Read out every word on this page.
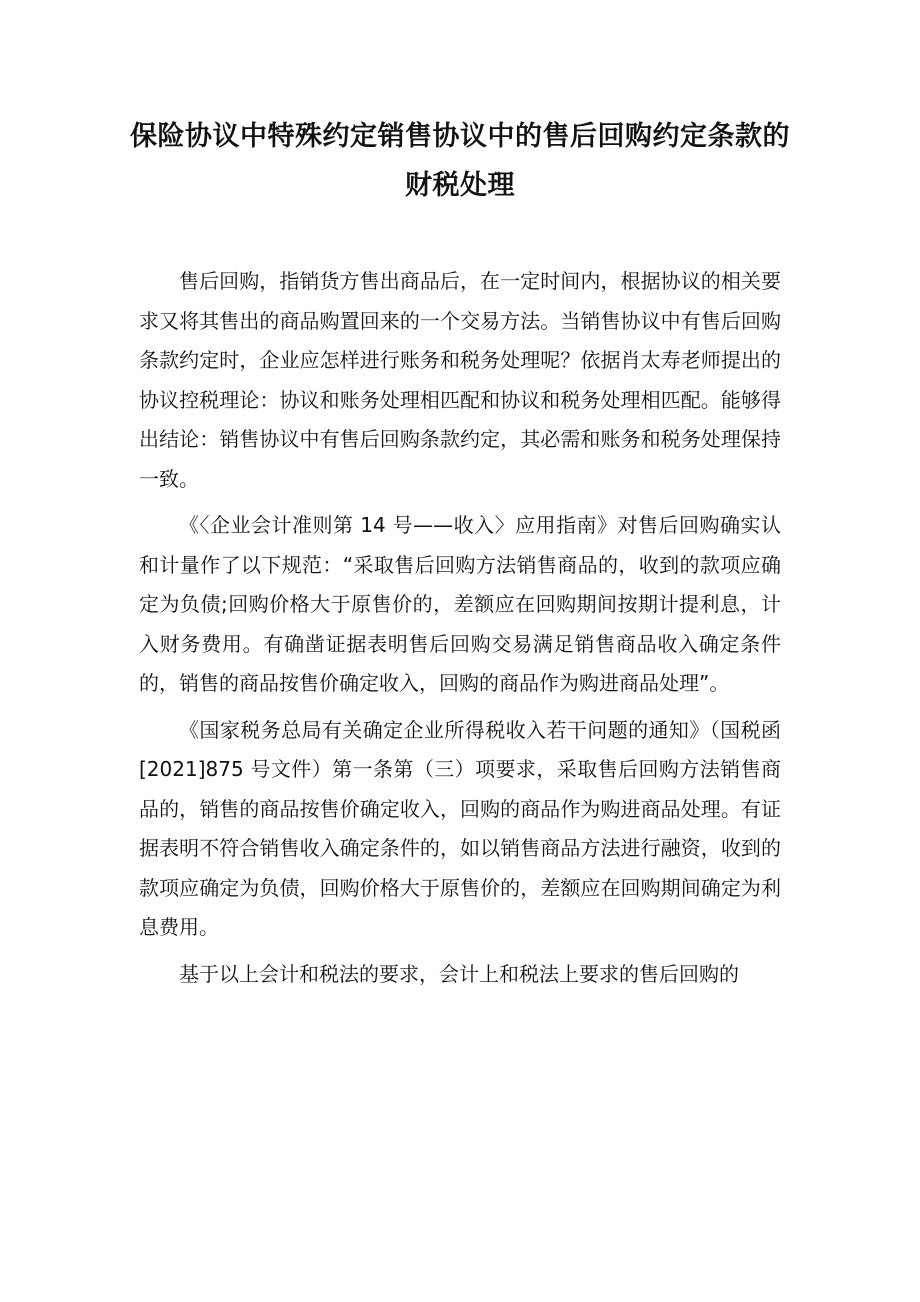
保险协议中特殊约定销售协议中的售后回购约定条款的财税处理

售后回购，指销货方售出商品后，在一定时间内，根据协议的相关要求又将其售出的商品购置回来的一个交易方法。当销售协议中有售后回购条款约定时，企业应怎样进行账务和税务处理呢？依据肖太寿老师提出的协议控税理论：协议和账务处理相匹配和协议和税务处理相匹配。能够得出结论：销售协议中有售后回购条款约定，其必需和账务和税务处理保持一致。

《〈企业会计准则第 14 号——收入〉应用指南》对售后回购确实认和计量作了以下规范：“采取售后回购方法销售商品的，收到的款项应确定为负债;回购价格大于原售价的，差额应在回购期间按期计提利息，计入财务费用。有确凿证据表明售后回购交易满足销售商品收入确定条件的，销售的商品按售价确定收入，回购的商品作为购进商品处理”。

《国家税务总局有关确定企业所得税收入若干问题的通知》（国税函[2021]875 号文件）第一条第（三）项要求，采取售后回购方法销售商品的，销售的商品按售价确定收入，回购的商品作为购进商品处理。有证据表明不符合销售收入确定条件的，如以销售商品方法进行融资，收到的款项应确定为负债，回购价格大于原售价的，差额应在回购期间确定为利息费用。

基于以上会计和税法的要求，会计上和税法上要求的售后回购的
